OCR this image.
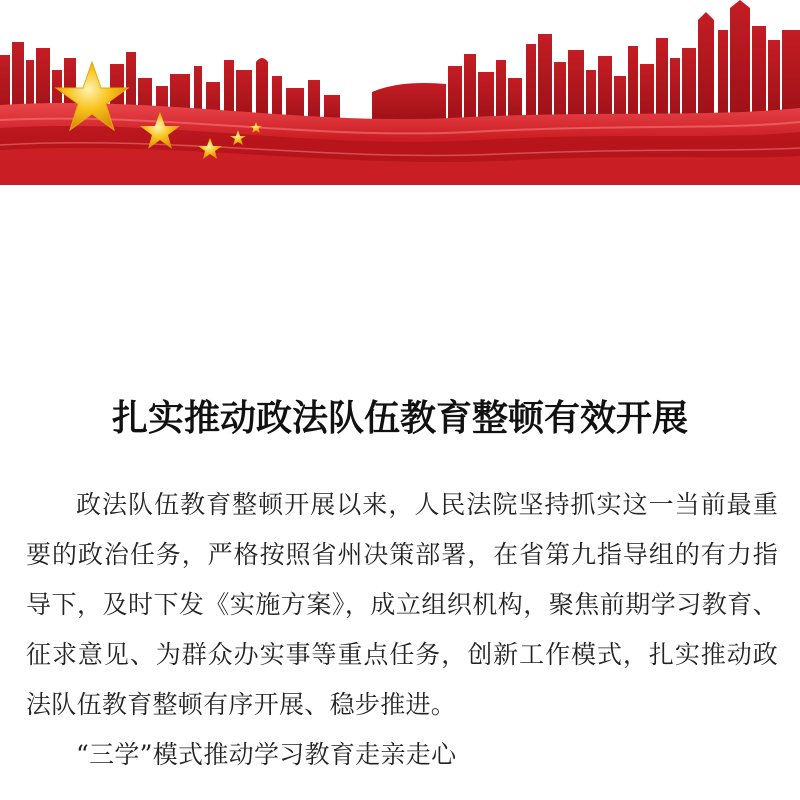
扎实推动政法队伍教育整顿有效开展

政法队伍教育整顿开展以来，人民法院坚持抓实这一当前最重要的政治任务，严格按照省州决策部署，在省第九指导组的有力指导下，及时下发《实施方案》，成立组织机构，聚焦前期学习教育、征求意见、为群众办实事等重点任务，创新工作模式，扎实推动政法队伍教育整顿有序开展、稳步推进。

“三学”模式推动学习教育走亲走心
